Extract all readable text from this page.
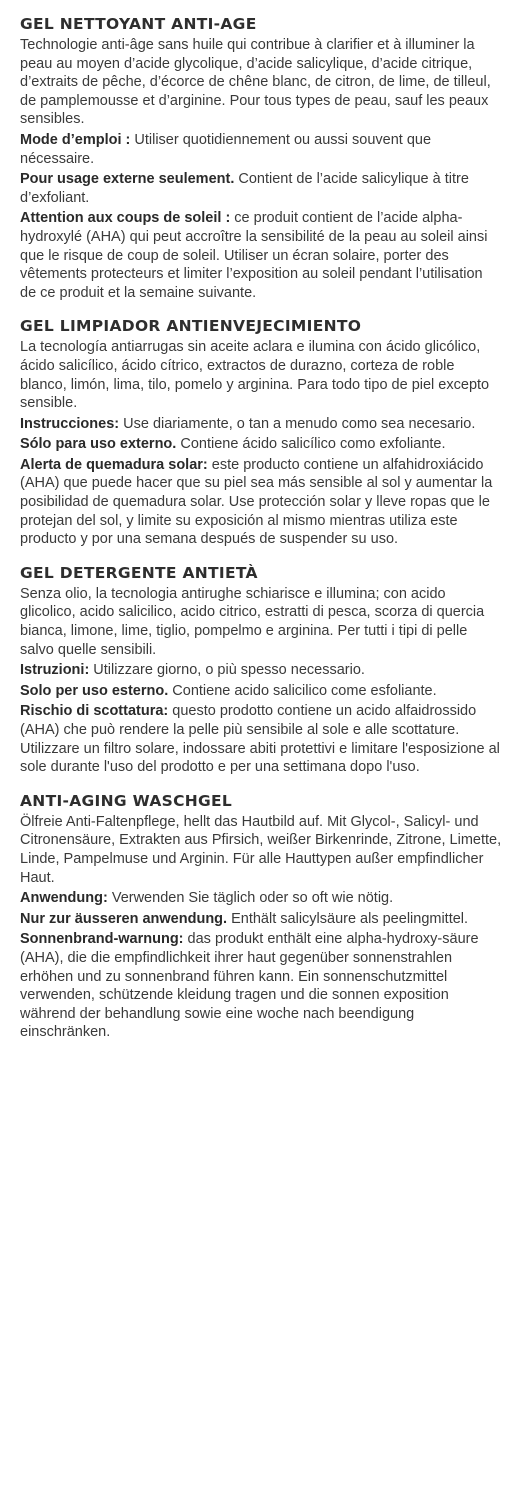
GEL NETTOYANT ANTI-AGE

Technologie anti-âge sans huile qui contribue à clarifier et à illuminer la peau au moyen d’acide glycolique, d’acide salicylique, d’acide citrique, d’extraits de pêche, d’écorce de chêne blanc, de citron, de lime, de tilleul, de pamplemousse et d’arginine. Pour tous types de peau, sauf les peaux sensibles.

Mode d’emploi : Utiliser quotidiennement ou aussi souvent que nécessaire.

Pour usage externe seulement. Contient de l’acide salicylique à titre d’exfoliant.

Attention aux coups de soleil : ce produit contient de l’acide alpha-hydroxylé (AHA) qui peut accroître la sensibilité de la peau au soleil ainsi que le risque de coup de soleil. Utiliser un écran solaire, porter des vêtements protecteurs et limiter l’exposition au soleil pendant l’utilisation de ce produit et la semaine suivante.

GEL LIMPIADOR ANTIENVEJECIMIENTO

La tecnología antiarrugas sin aceite aclara e ilumina con ácido glicólico, ácido salicílico, ácido cítrico, extractos de durazno, corteza de roble blanco, limón, lima, tilo, pomelo y arginina. Para todo tipo de piel excepto sensible.

Instrucciones: Use diariamente, o tan a menudo como sea necesario.

Sólo para uso externo. Contiene ácido salicílico como exfoliante.

Alerta de quemadura solar: este producto contiene un alfahidroxiácido (AHA) que puede hacer que su piel sea más sensible al sol y aumentar la posibilidad de quemadura solar. Use protección solar y lleve ropas que le protejan del sol, y limite su exposición al mismo mientras utiliza este producto y por una semana después de suspender su uso.

GEL DETERGENTE ANTIETÀ

Senza olio, la tecnologia antirughe schiarisce e illumina; con acido glicolico, acido salicilico, acido citrico, estratti di pesca, scorza di quercia bianca, limone, lime, tiglio, pompelmo e arginina. Per tutti i tipi di pelle salvo quelle sensibili.

Istruzioni: Utilizzare giorno, o più spesso necessario.

Solo per uso esterno. Contiene acido salicilico come esfoliante.

Rischio di scottatura: questo prodotto contiene un acido alfaidrossido (AHA) che può rendere la pelle più sensibile al sole e alle scottature. Utilizzare un filtro solare, indossare abiti protettivi e limitare l'esposizione al sole durante l'uso del prodotto e per una settimana dopo l'uso.

ANTI-AGING WASCHGEL

Ölfreie Anti-Faltenpflege, hellt das Hautbild auf. Mit Glycol-, Salicyl- und Citronensäure, Extrakten aus Pfirsich, weißer Birkenrinde, Zitrone, Limette, Linde, Pampelmuse und Arginin. Für alle Hauttypen außer empfindlicher Haut.

Anwendung: Verwenden Sie täglich oder so oft wie nötig.

Nur zur äusseren anwendung. Enthält salicylsäure als peelingmittel.

Sonnenbrand-warnung: das produkt enthält eine alpha-hydroxy-säure (AHA), die die empfindlichkeit ihrer haut gegenüber sonnenstrahlen erhöhen und zu sonnenbrand führen kann. Ein sonnenschutzmittel verwenden, schützende kleidung tragen und die sonnen exposition während der behandlung sowie eine woche nach beendigung einschränken.
